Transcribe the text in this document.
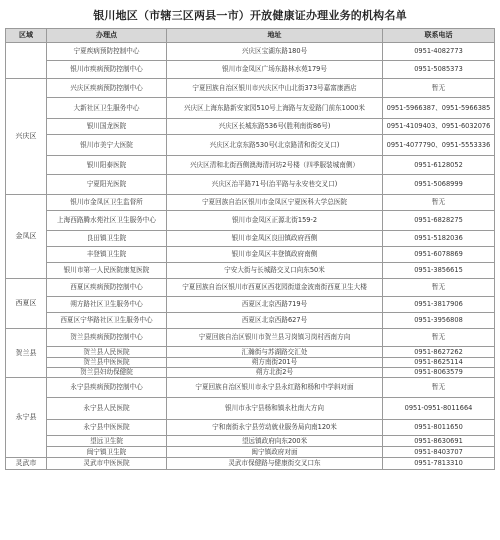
银川地区（市辖三区两县一市）开放健康证办理业务的机构名单
区域	办理点	地址	联系电话
	宁夏疾病预防控制中心	兴庆区宝湖东路180号	0951-4082773
	银川市疾病预防控制中心	银川市金凤区广场东路林水苑179号	0951-5085373
兴庆区	兴庆区疾病预防控制中心	宁夏回族自治区银川市兴庆区中山北街373号嘉富康酒店	暂无
	大新社区卫生服务中心	兴庆区上海东路新安家园510号上海路与友爱路门前东1000米	0951-5966387、0951-5966385
	银川国龙医院	兴庆区长城东路536号(胜利南街86号)	0951-4109403、0951-6032076
	银川市美宁大医院	兴庆区北京东路530号(北京路清和街交叉口)	0951-4077790、0951-5553336
	银川阳泰医院	兴庆区清和北街西侧澳海清河坊2号楼（四季服装城南侧）	0951-6128052
	宁夏阳光医院	兴庆区治平路71号(治平路与永安巷交叉口)	0951-5068999
金凤区	银川市金凤区卫生监督所	宁夏回族自治区银川市金凤区宁夏医科大学总医院	暂无
	上海西路腾水苑社区卫生服务中心	银川市金凤区正源北街159-2	0951-6828275
	良田镇卫生院	银川市金凤区良田镇政府西侧	0951-5182036
	丰登镇卫生院	银川市金凤区丰登镇政府南侧	0951-6078869
	银川市第一人民医院康复医院	宁安大街与长城路交叉口向东50米	0951-3856615
西夏区	西夏区疾病预防控制中心	宁夏回族自治区银川市西夏区西花园街道金波南街西夏卫生大楼	暂无
	朔方路社区卫生服务中心	西夏区北京西路719号	0951-3817906
	西夏区宁华路社区卫生服务中心	西夏区北京西路627号	0951-3956808
贺兰县	贺兰县疾病预防控制中心	宁夏回族自治区银川市贺兰县习岗镇习岗村西南方向	暂无
	贺兰县人民医院	汇瀚街与苏湖路交汇处	0951-8627262
	贺兰县中医医院	朔方南街201号	0951-8625114
	贺兰县妇幼保健院	朔方北街2号	0951-8063579
永宁县	永宁县疾病预防控制中心	宁夏回族自治区银川市永宁县永红路和杨和中学斜对面	暂无
	永宁县人民医院	银川市永宁县杨和镇永杜南大方向	0951-0951-8011664
	永宁县中医医院	宁和南街永宁县劳动就业服务局向南120米	0951-8011650
	望远卫生院	望远镇政府向东200米	0951-8630691
	闽宁镇卫生院	闽宁镇政府对面	0951-8403707
灵武市	灵武市中医医院	灵武市保健路与健康街交叉口东	0951-7813310
